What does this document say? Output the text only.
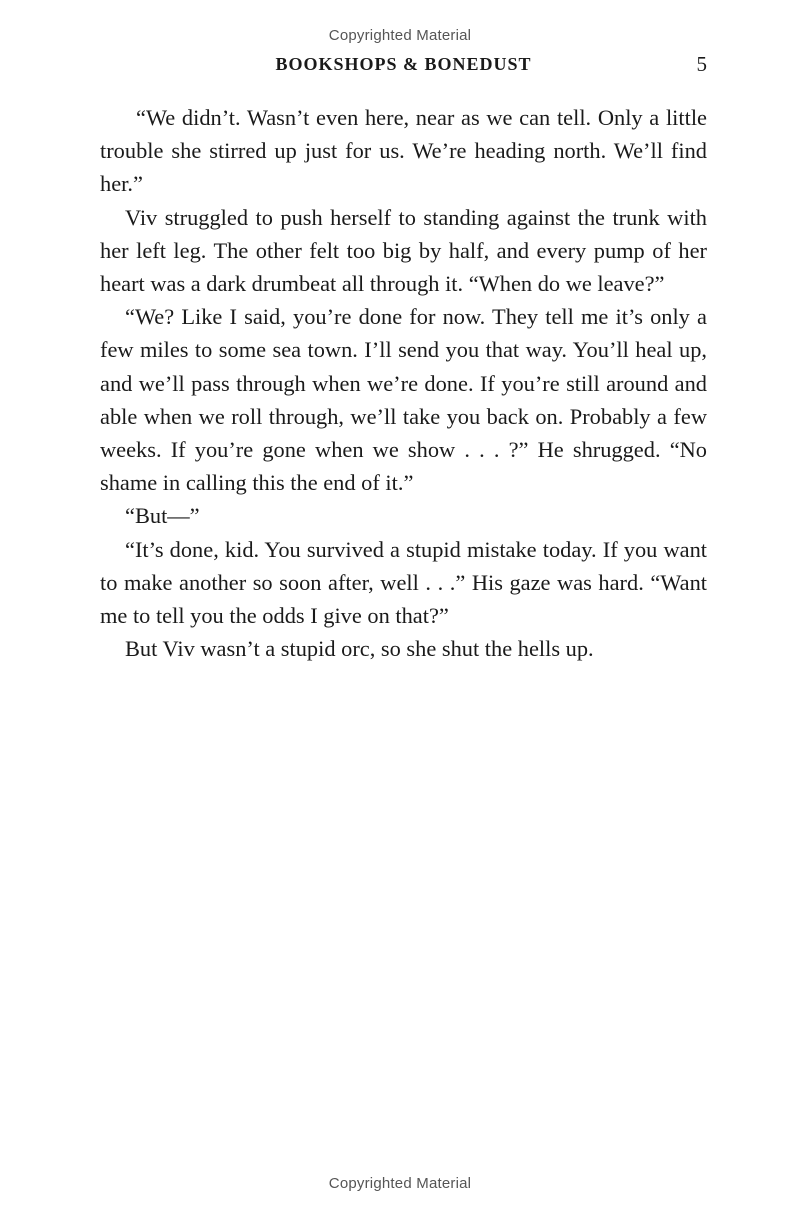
Copyrighted Material
BOOKSHOPS & BONEDUST	5

“We didn’t. Wasn’t even here, near as we can tell. Only a little trouble she stirred up just for us. We’re heading north. We’ll find her.”

Viv struggled to push herself to standing against the trunk with her left leg. The other felt too big by half, and every pump of her heart was a dark drumbeat all through it. “When do we leave?”

“We? Like I said, you’re done for now. They tell me it’s only a few miles to some sea town. I’ll send you that way. You’ll heal up, and we’ll pass through when we’re done. If you’re still around and able when we roll through, we’ll take you back on. Probably a few weeks. If you’re gone when we show . . . ?” He shrugged. “No shame in calling this the end of it.”

“But—”

“It’s done, kid. You survived a stupid mistake today. If you want to make another so soon after, well . . .” His gaze was hard. “Want me to tell you the odds I give on that?”

But Viv wasn’t a stupid orc, so she shut the hells up.

Copyrighted Material
